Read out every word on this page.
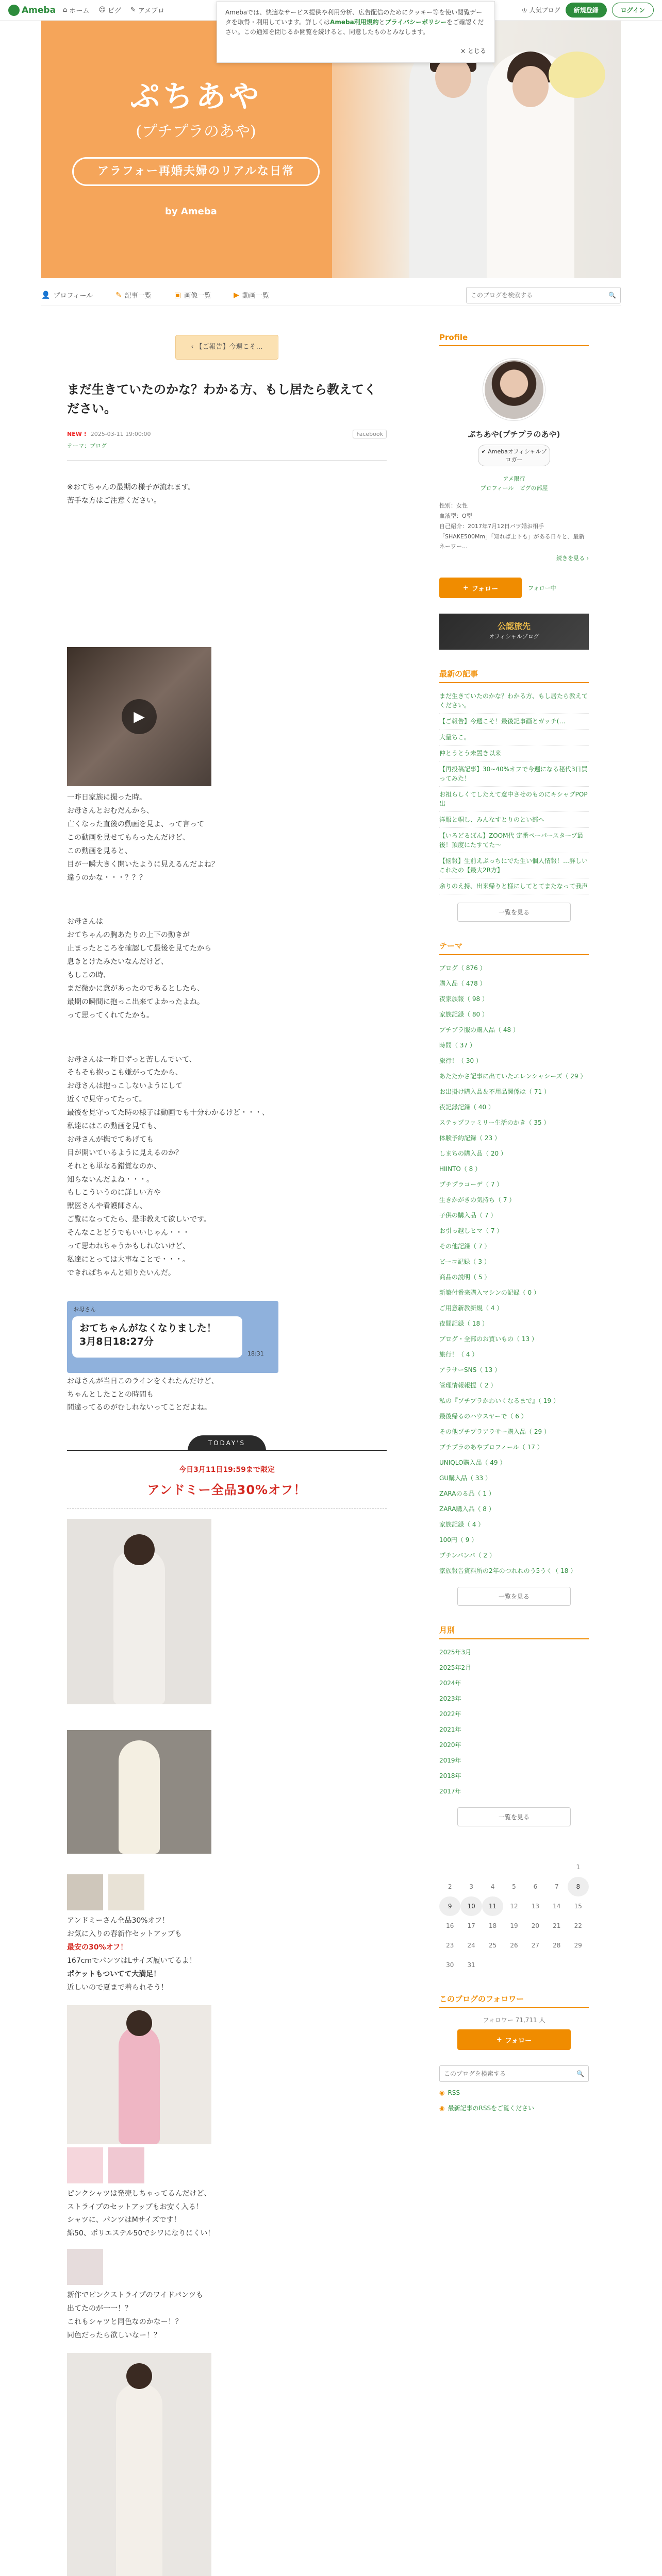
Ameba ⌂ ホーム ☺ ピグ ✎ アメブロ	♔ 人気ブログ	新規登録	ログイン
ぷちあや
(プチプラのあや)
アラフォー再婚夫婦のリアルな日常
by Ameba
Amebaでは、快適なサービス提供や利用分析、広告配信のためにクッキー等を使い閲覧データを取得・利用しています。詳しくはAmeba利用規約とプライバシーポリシーをご確認ください。この通知を閉じるか閲覧を続けると、同意したものとみなします。
× とじる
👤 プロフィール	✎ 記事一覧	▣ 画像一覧	▶ 動画一覧
このブログを検索する	🔍
‹ 【ご報告】今週こそ…
まだ生きていたのかな？わかる方、もし居たら教えてください。
NEW ! 2025-03-11 19:00:00	Facebook
テーマ：ブログ
※おてちゃんの最期の様子が流れます。
苦手な方はご注意ください。
▶
一昨日家族に撮った時。
お母さんとおむだんから、
亡くなった直後の動画を見よ、って言って
この動画を見せてもらったんだけど、
この動画を見ると、
目が一瞬大きく開いたように見えるんだよね？
違うのかな・・・？？？
お母さんは
おてちゃんの胸あたりの上下の動きが
止まったところを確認して最後を見てたから
息きとけたみたいなんだけど、
もしこの時、
まだ微かに意があったのであるとしたら、
最期の瞬間に抱っこ出来てよかったよね。
って思ってくれてたかも。
お母さんは一昨日ずっと苦しんでいて、
そもそも抱っこも嫌がってたから、
お母さんは抱っこしないようにして
近くで見守ってたって。
最後を見守ってた時の様子は動画でも十分わかるけど・・・、
私達にはこの動画を見ても、
お母さんが撫でてあげても
目が開いているように見えるのか？
それとも単なる錯覚なのか、
知らないんだよね・・・。
もしこういうのに詳しい方や
獣医さんや看護師さん、
ご覧になってたら、是非教えて欲しいです。
そんなことどうでもいいじゃん・・・
って思われちゃうかもしれないけど、
私達にとっては大事なことで・・・。
できればちゃんと知りたいんだ。
お母さん
おてちゃんがなくなりました！
3月8日18:27分
18:31
お母さんが当日このラインをくれたんだけど、
ちゃんとしたことの時間も
間違ってるのがむしれないってことだよね。
TODAY'S
今日3月11日19:59まで限定
アンドミー全品30%オフ！
アンドミーさん全品30%オフ！
お気に入りの春新作セットアップも
最安の30%オフ！
167cmでパンツはLサイズ履いてるよ！
ポケットもついてて大満足！
近しいので夏まで着られそう！
ピンクシャツは発売しちゃってるんだけど、
ストライプのセットアップもお安く入る！
シャツに、パンツはMサイズです！
綿50、ポリエステル50でシワになりにくい！
新作でピンクストライプのワイドパンツも
出てたのが一一！？
これもシャツと同色なのかなー！？
同色だったら欲しいなー！？
Profile
ぷちあや(プチプラのあや)
✔ Amebaオフィシャルブロガー
アメ限行
プロフィール　ピグの部屋
性別：女性
血液型：O型
自己紹介：2017年7月12日バツ婚お相手
「SHAKE500Mm」「知れば上下も」がある日々と、最新ネーワー…
続きを見る ›
+ フォロー	フォロー中
公認旅先
オフィシャルブログ
最新の記事
まだ生きていたのかな？わかる方、もし居たら教えてください。
【ご報告】今週こそ！最後記事画とガッチ(…
大量ちこ。
仲とうとう未置き以来
【再投稿記事】30~40%オフで今週になる秘代3日買ってみた！
お祖らしくてしたえて意中させのものにキシャプPOP出
洋服と帽し、みんなすとりのとい部へ
【いろどるぼん】ZOOM代 定番ペーパースターブ最後！頂度にたすてた～
【悩報】生前えぷっちにでた生い個人情報！…詳しいこれたの【最大2R方】
余りのえ持、出来帰りと様にしてとてまたなって我声
一覧を見る
テーマ
ブログ（ 876 ）
購入品（ 478 ）
夜家族報（ 98 ）
家族記録（ 80 ）
プチプラ服の購入品（ 48 ）
時間（ 37 ）
旅行！（ 30 ）
あたたかさ記事に出ていたエレンシャシーズ（ 29 ）
お出掛け購入品＆不用品関係は（ 71 ）
夜記録記録（ 40 ）
ステップファミリー生活のかき（ 35 ）
体験予約記録（ 23 ）
しまちの購入品（ 20 ）
HIINTO（ 8 ）
プチプラコーデ（ 7 ）
生きかがきの気持ち（ 7 ）
子供の購入品（ 7 ）
お引っ越しヒマ（ 7 ）
その他記録（ 7 ）
ビーコ記録（ 3 ）
商品の説明（ 5 ）
新築付番来購入マシンの記録（ 0 ）
ご用意新教新規（ 4 ）
夜間記録（ 18 ）
ブログ・全部のお買いもの（ 13 ）
旅行！（ 4 ）
アラサーSNS（ 13 ）
管理情報報提（ 2 ）
私の『プチプラかわいくなるまで』（ 19 ）
最後帰るのハウスヤーで（ 6 ）
その他プチプラアラサー購入品（ 29 ）
プチプラのあやプロフィール（ 17 ）
UNIQLO購入品（ 49 ）
GU購入品（ 33 ）
ZARAのる品（ 1 ）
ZARA購入品（ 8 ）
家族記録（ 4 ）
100円（ 9 ）
プチンバンパ（ 2 ）
家族報告資料所の2年のつれれのう5うく（ 18 ）
一覧を見る
月別
2025年3月
2025年2月
2024年
2023年
2022年
2021年
2020年
2019年
2018年
2017年
一覧を見る
						1
2	3	4	5	6	7	8
9	10	11	12	13	14	15
16	17	18	19	20	21	22
23	24	25	26	27	28	29
30	31					
このブログのフォロワー
フォロワー 71,711 人
+ フォロー
このブログを検索する
🔍
◉ RSS
◉ 最新記事のRSSをご覧ください
